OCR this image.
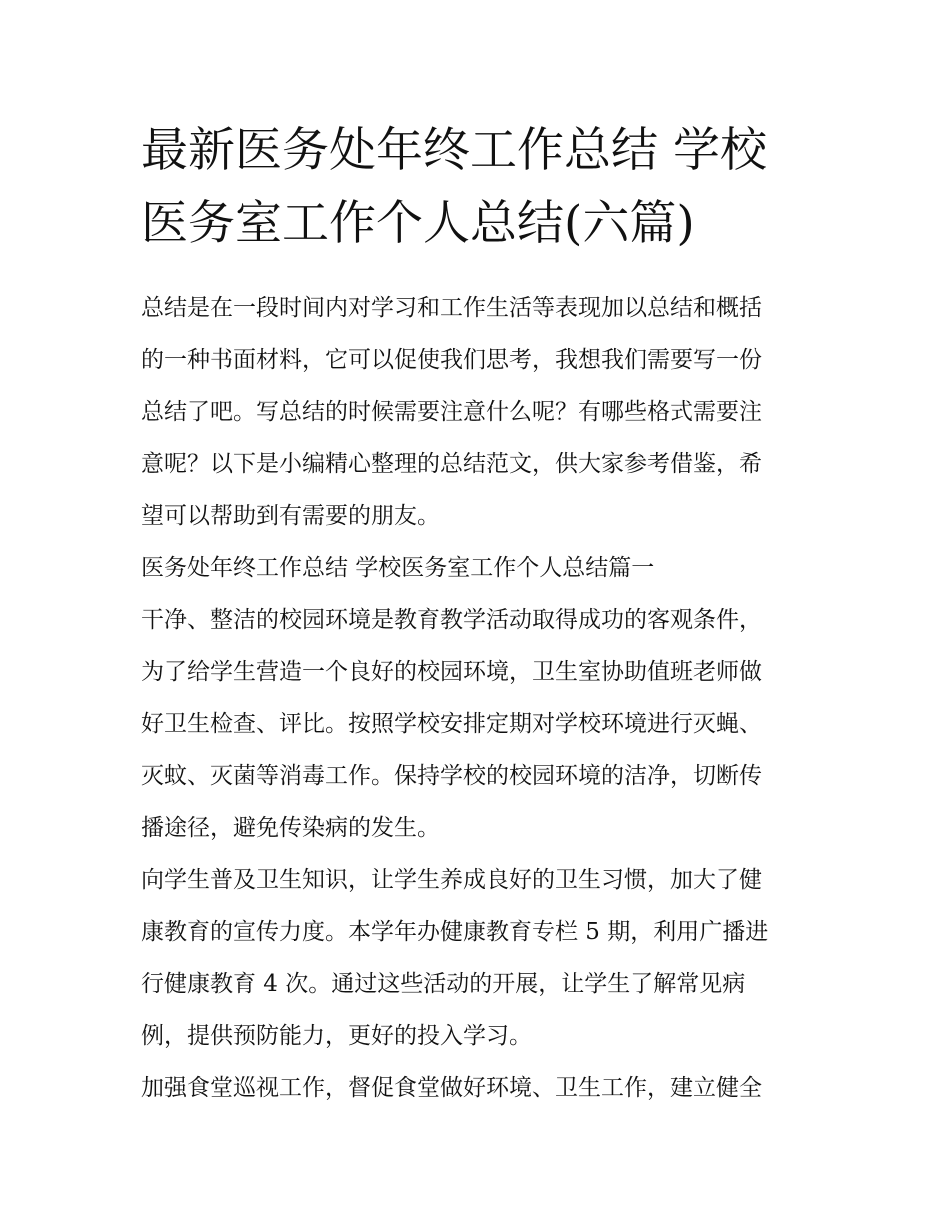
最新医务处年终工作总结 学校
医务室工作个人总结(六篇)
总结是在一段时间内对学习和工作生活等表现加以总结和概括
的一种书面材料，它可以促使我们思考，我想我们需要写一份
总结了吧。写总结的时候需要注意什么呢？有哪些格式需要注
意呢？以下是小编精心整理的总结范文，供大家参考借鉴，希
望可以帮助到有需要的朋友。
医务处年终工作总结 学校医务室工作个人总结篇一
干净、整洁的校园环境是教育教学活动取得成功的客观条件，
为了给学生营造一个良好的校园环境，卫生室协助值班老师做
好卫生检查、评比。按照学校安排定期对学校环境进行灭蝇、
灭蚊、灭菌等消毒工作。保持学校的校园环境的洁净，切断传
播途径，避免传染病的发生。
向学生普及卫生知识，让学生养成良好的卫生习惯，加大了健
康教育的宣传力度。本学年办健康教育专栏 5 期，利用广播进
行健康教育 4 次。通过这些活动的开展，让学生了解常见病
例，提供预防能力，更好的投入学习。
加强食堂巡视工作，督促食堂做好环境、卫生工作，建立健全
